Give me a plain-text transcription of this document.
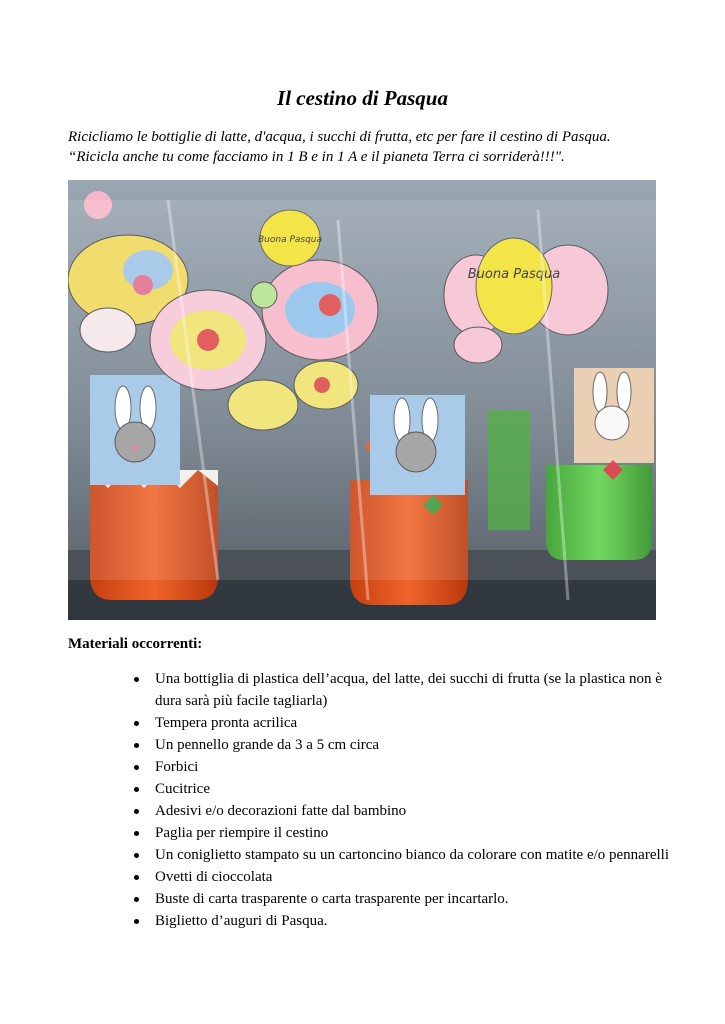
Il cestino di Pasqua
Ricicliamo le bottiglie di latte, d'acqua, i succhi di frutta, etc per fare il cestino di Pasqua.
“Ricicla anche tu come facciamo in 1 B e in 1 A e il pianeta Terra ci sorriderà!!!".
Buona Pasqua
Buona Pasqua
Materiali occorrenti:
Una bottiglia di plastica dell’acqua, del latte, dei succhi di frutta (se la plastica non è dura sarà più facile tagliarla)
Tempera pronta acrilica
Un pennello grande da 3 a 5 cm circa
Forbici
Cucitrice
Adesivi e/o decorazioni fatte dal bambino
Paglia per riempire il cestino
Un coniglietto stampato su un cartoncino bianco da colorare con matite e/o pennarelli
Ovetti di cioccolata
Buste di carta trasparente o carta trasparente per incartarlo.
Biglietto d’auguri di Pasqua.
